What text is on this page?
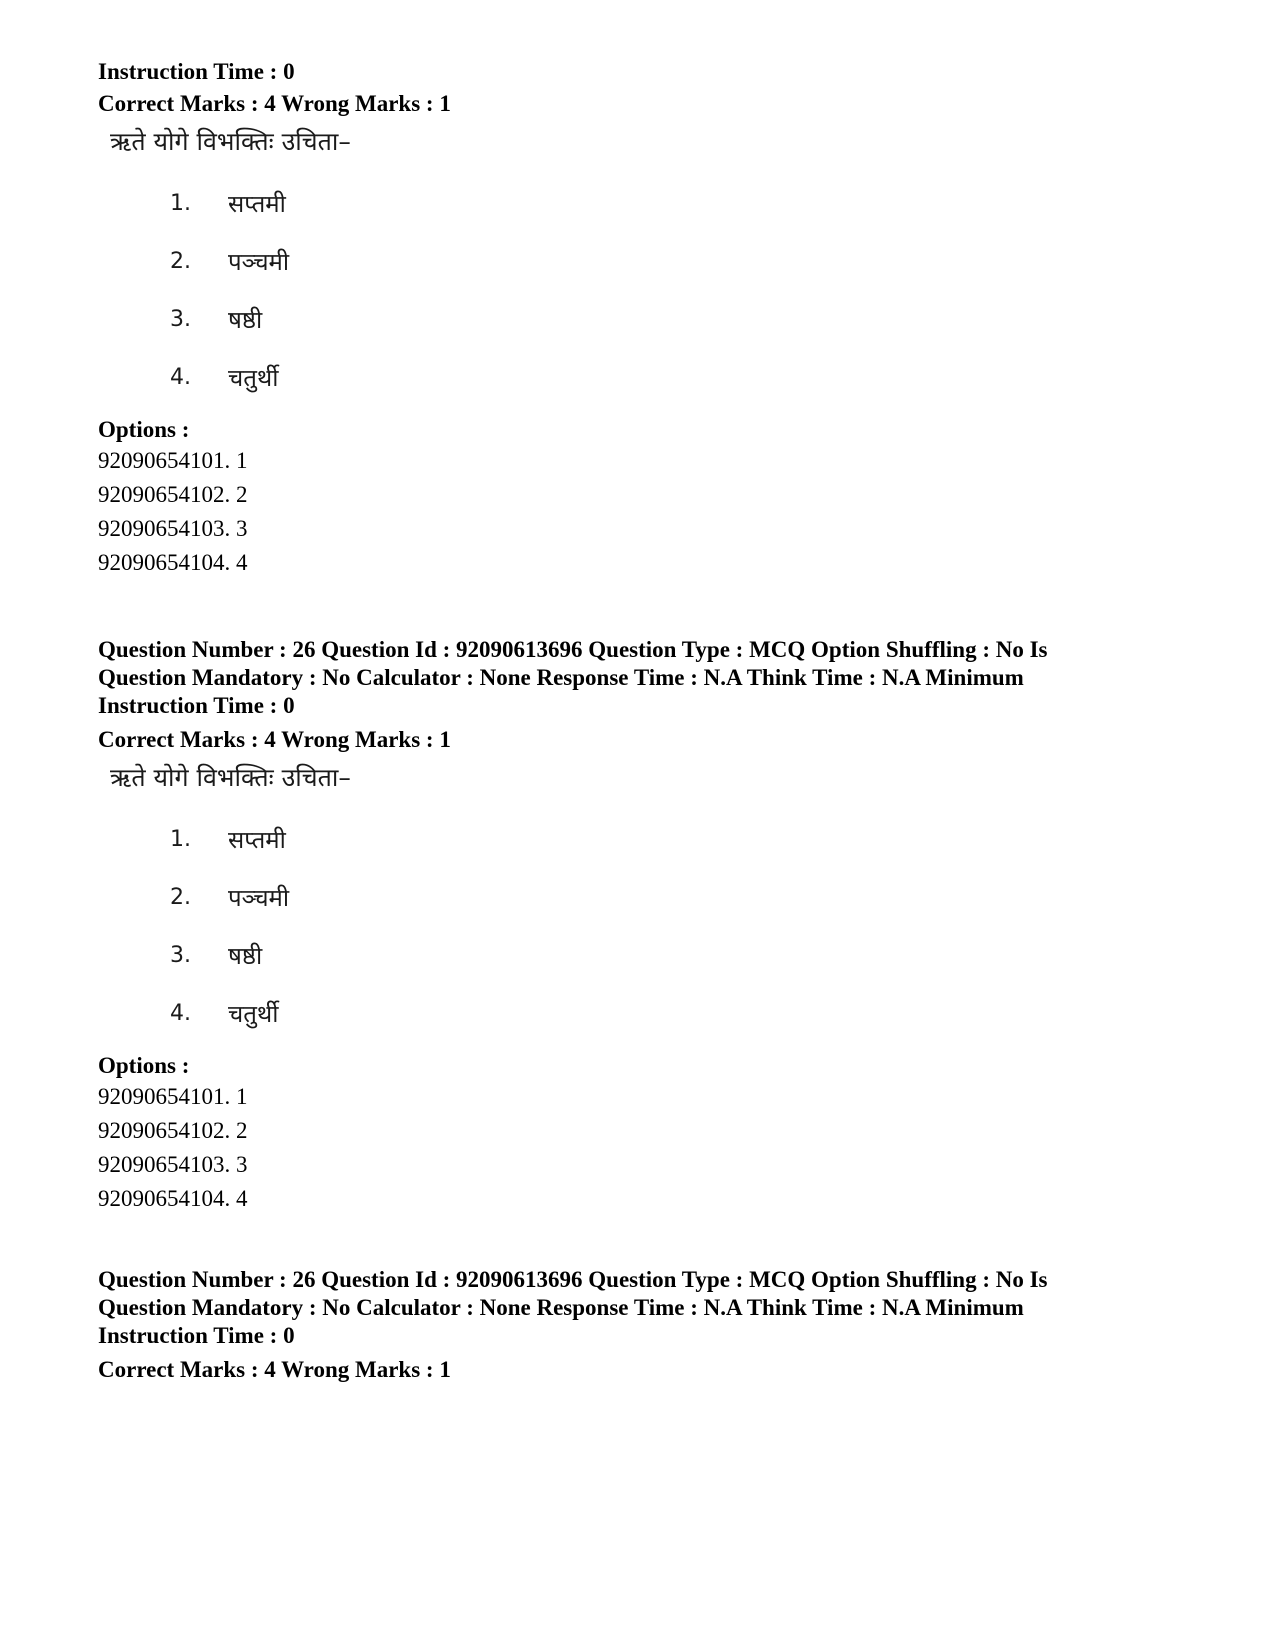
Instruction Time : 0
Correct Marks : 4 Wrong Marks : 1
ऋते योगे विभक्तिः उचिता–
1.	सप्तमी
2.	पञ्चमी
3.	षष्ठी
4.	चतुर्थी
Options :
92090654101. 1
92090654102. 2
92090654103. 3
92090654104. 4
Question Number : 26 Question Id : 92090613696 Question Type : MCQ Option Shuffling : No Is
Question Mandatory : No Calculator : None Response Time : N.A Think Time : N.A Minimum
Instruction Time : 0
Correct Marks : 4 Wrong Marks : 1
ऋते योगे विभक्तिः उचिता–
1.	सप्तमी
2.	पञ्चमी
3.	षष्ठी
4.	चतुर्थी
Options :
92090654101. 1
92090654102. 2
92090654103. 3
92090654104. 4
Question Number : 26 Question Id : 92090613696 Question Type : MCQ Option Shuffling : No Is
Question Mandatory : No Calculator : None Response Time : N.A Think Time : N.A Minimum
Instruction Time : 0
Correct Marks : 4 Wrong Marks : 1
